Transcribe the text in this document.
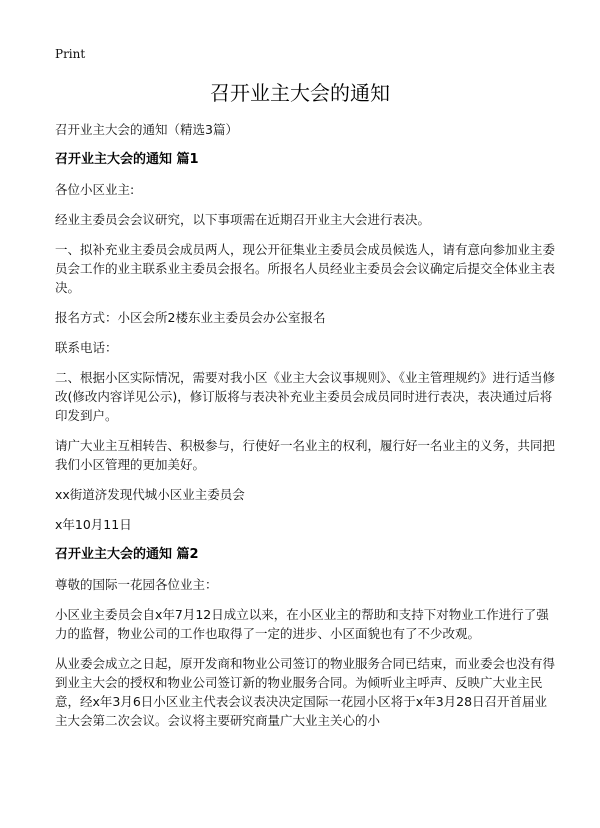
Print
召开业主大会的通知

召开业主大会的通知（精选3篇）

召开业主大会的通知 篇1

各位小区业主:

经业主委员会会议研究，以下事项需在近期召开业主大会进行表决。

一、拟补充业主委员会成员两人，现公开征集业主委员会成员候选人，请有意向参加业主委员会工作的业主联系业主委员会报名。所报名人员经业主委员会会议确定后提交全体业主表决。

报名方式：小区会所2楼东业主委员会办公室报名

联系电话：

二、根据小区实际情况，需要对我小区《业主大会议事规则》、《业主管理规约》进行适当修改(修改内容详见公示)，修订版将与表决补充业主委员会成员同时进行表决，表决通过后将印发到户。

请广大业主互相转告、积极参与，行使好一名业主的权利，履行好一名业主的义务，共同把我们小区管理的更加美好。

xx街道济发现代城小区业主委员会

x年10月11日

召开业主大会的通知 篇2

尊敬的国际一花园各位业主：

小区业主委员会自x年7月12日成立以来，在小区业主的帮助和支持下对物业工作进行了强力的监督，物业公司的工作也取得了一定的进步、小区面貌也有了不少改观。

从业委会成立之日起，原开发商和物业公司签订的物业服务合同已结束，而业委会也没有得到业主大会的授权和物业公司签订新的物业服务合同。为倾听业主呼声、反映广大业主民意，经x年3月6日小区业主代表会议表决决定国际一花园小区将于x年3月28日召开首届业主大会第二次会议。会议将主要研究商量广大业主关心的小
